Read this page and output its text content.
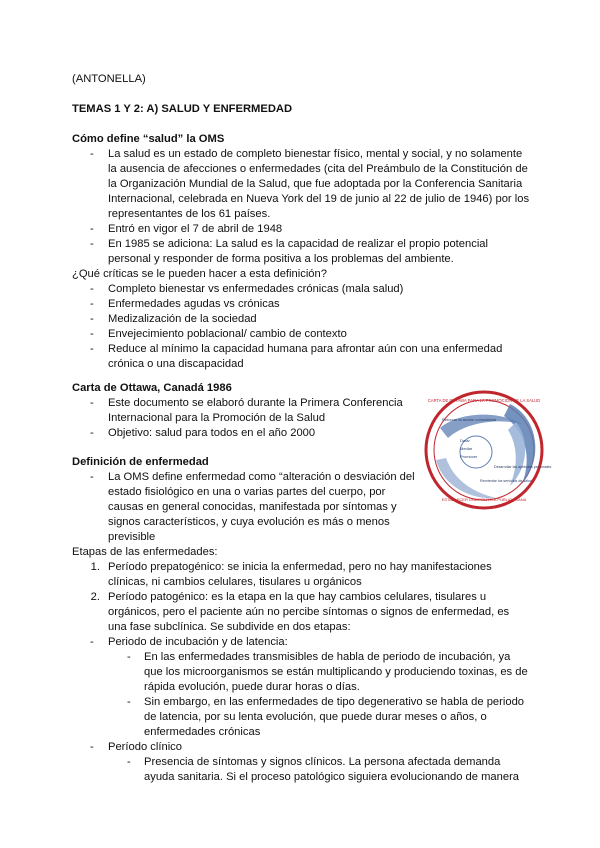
(ANTONELLA)
TEMAS 1 Y 2: A) SALUD Y ENFERMEDAD
Cómo define “salud” la OMS
- La salud es un estado de completo bienestar físico, mental y social, y no solamente
la ausencia de afecciones o enfermedades (cita del Preámbulo de la Constitución de
la Organización Mundial de la Salud, que fue adoptada por la Conferencia Sanitaria
Internacional, celebrada en Nueva York del 19 de junio al 22 de julio de 1946) por los
representantes de los 61 países.
- Entró en vigor el 7 de abril de 1948
- En 1985 se adiciona: La salud es la capacidad de realizar el propio potencial
personal y responder de forma positiva a los problemas del ambiente.
¿Qué críticas se le pueden hacer a esta definición?
- Completo bienestar vs enfermedades crónicas (mala salud)
- Enfermedades agudas vs crónicas
- Medizalización de la sociedad
- Envejecimiento poblacional/ cambio de contexto
- Reduce al mínimo la capacidad humana para afrontar aún con una enfermedad
crónica o una discapacidad
Carta de Ottawa, Canadá 1986
- Este documento se elaboró durante la Primera Conferencia
Internacional para la Promoción de la Salud
- Objetivo: salud para todos en el año 2000
CARTA DE OTTAWA PARA LA PROMOCIÓN DE LA SALUD
Reforzar la acción comunitaria
Dotar
Mediar
Promover
Desarrollar las aptitudes personales
Reorientar los servicios de salud
ESTABLECER UNA POLÍTICA PÚBLICA SANA
Definición de enfermedad
- La OMS define enfermedad como “alteración o desviación del
estado fisiológico en una o varias partes del cuerpo, por
causas en general conocidas, manifestada por síntomas y
signos característicos, y cuya evolución es más o menos
previsible
Etapas de las enfermedades:
1. Período prepatogénico: se inicia la enfermedad, pero no hay manifestaciones
clínicas, ni cambios celulares, tisulares u orgánicos
2. Período patogénico: es la etapa en la que hay cambios celulares, tisulares u
orgánicos, pero el paciente aún no percibe síntomas o signos de enfermedad, es
una fase subclínica. Se subdivide en dos etapas:
- Periodo de incubación y de latencia:
- En las enfermedades transmisibles de habla de periodo de incubación, ya
que los microorganismos se están multiplicando y produciendo toxinas, es de
rápida evolución, puede durar horas o días.
- Sin embargo, en las enfermedades de tipo degenerativo se habla de periodo
de latencia, por su lenta evolución, que puede durar meses o años, o
enfermedades crónicas
- Período clínico
- Presencia de síntomas y signos clínicos. La persona afectada demanda
ayuda sanitaria. Si el proceso patológico siguiera evolucionando de manera
